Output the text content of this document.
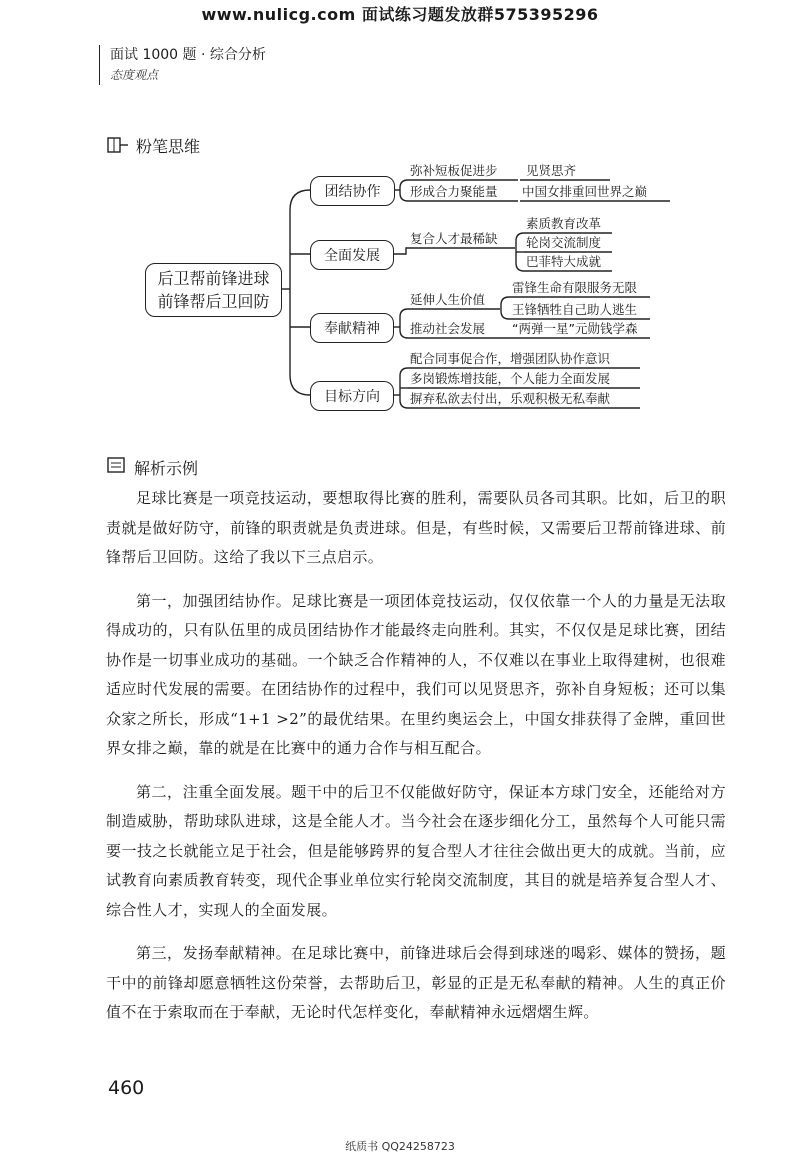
www.nulicg.com 面试练习题发放群575395296
面试 1000 题 · 综合分析
态度观点
粉笔思维
后卫帮前锋进球
前锋帮后卫回防
团结协作
全面发展
奉献精神
目标方向
弥补短板促进步 见贤思齐
形成合力聚能量 中国女排重回世界之巅
复合人才最稀缺
素质教育改革
轮岗交流制度
巴菲特大成就
延伸人生价值
雷锋生命有限服务无限
王锋牺牲自己助人逃生
推动社会发展 “两弹一星”元勋钱学森
配合同事促合作，增强团队协作意识
多岗锻炼增技能，个人能力全面发展
摒弃私欲去付出，乐观积极无私奉献
解析示例

足球比赛是一项竞技运动，要想取得比赛的胜利，需要队员各司其职。比如，后卫的职责就是做好防守，前锋的职责就是负责进球。但是，有些时候，又需要后卫帮前锋进球、前锋帮后卫回防。这给了我以下三点启示。

第一，加强团结协作。足球比赛是一项团体竞技运动，仅仅依靠一个人的力量是无法取得成功的，只有队伍里的成员团结协作才能最终走向胜利。其实，不仅仅是足球比赛，团结协作是一切事业成功的基础。一个缺乏合作精神的人，不仅难以在事业上取得建树，也很难适应时代发展的需要。在团结协作的过程中，我们可以见贤思齐，弥补自身短板；还可以集众家之所长，形成“1+1 >2”的最优结果。在里约奥运会上，中国女排获得了金牌，重回世界女排之巅，靠的就是在比赛中的通力合作与相互配合。

第二，注重全面发展。题干中的后卫不仅能做好防守，保证本方球门安全，还能给对方制造威胁，帮助球队进球，这是全能人才。当今社会在逐步细化分工，虽然每个人可能只需要一技之长就能立足于社会，但是能够跨界的复合型人才往往会做出更大的成就。当前，应试教育向素质教育转变，现代企事业单位实行轮岗交流制度，其目的就是培养复合型人才、综合性人才，实现人的全面发展。

第三，发扬奉献精神。在足球比赛中，前锋进球后会得到球迷的喝彩、媒体的赞扬，题干中的前锋却愿意牺牲这份荣誉，去帮助后卫，彰显的正是无私奉献的精神。人生的真正价值不在于索取而在于奉献，无论时代怎样变化，奉献精神永远熠熠生辉。

460
纸质书 QQ24258723
